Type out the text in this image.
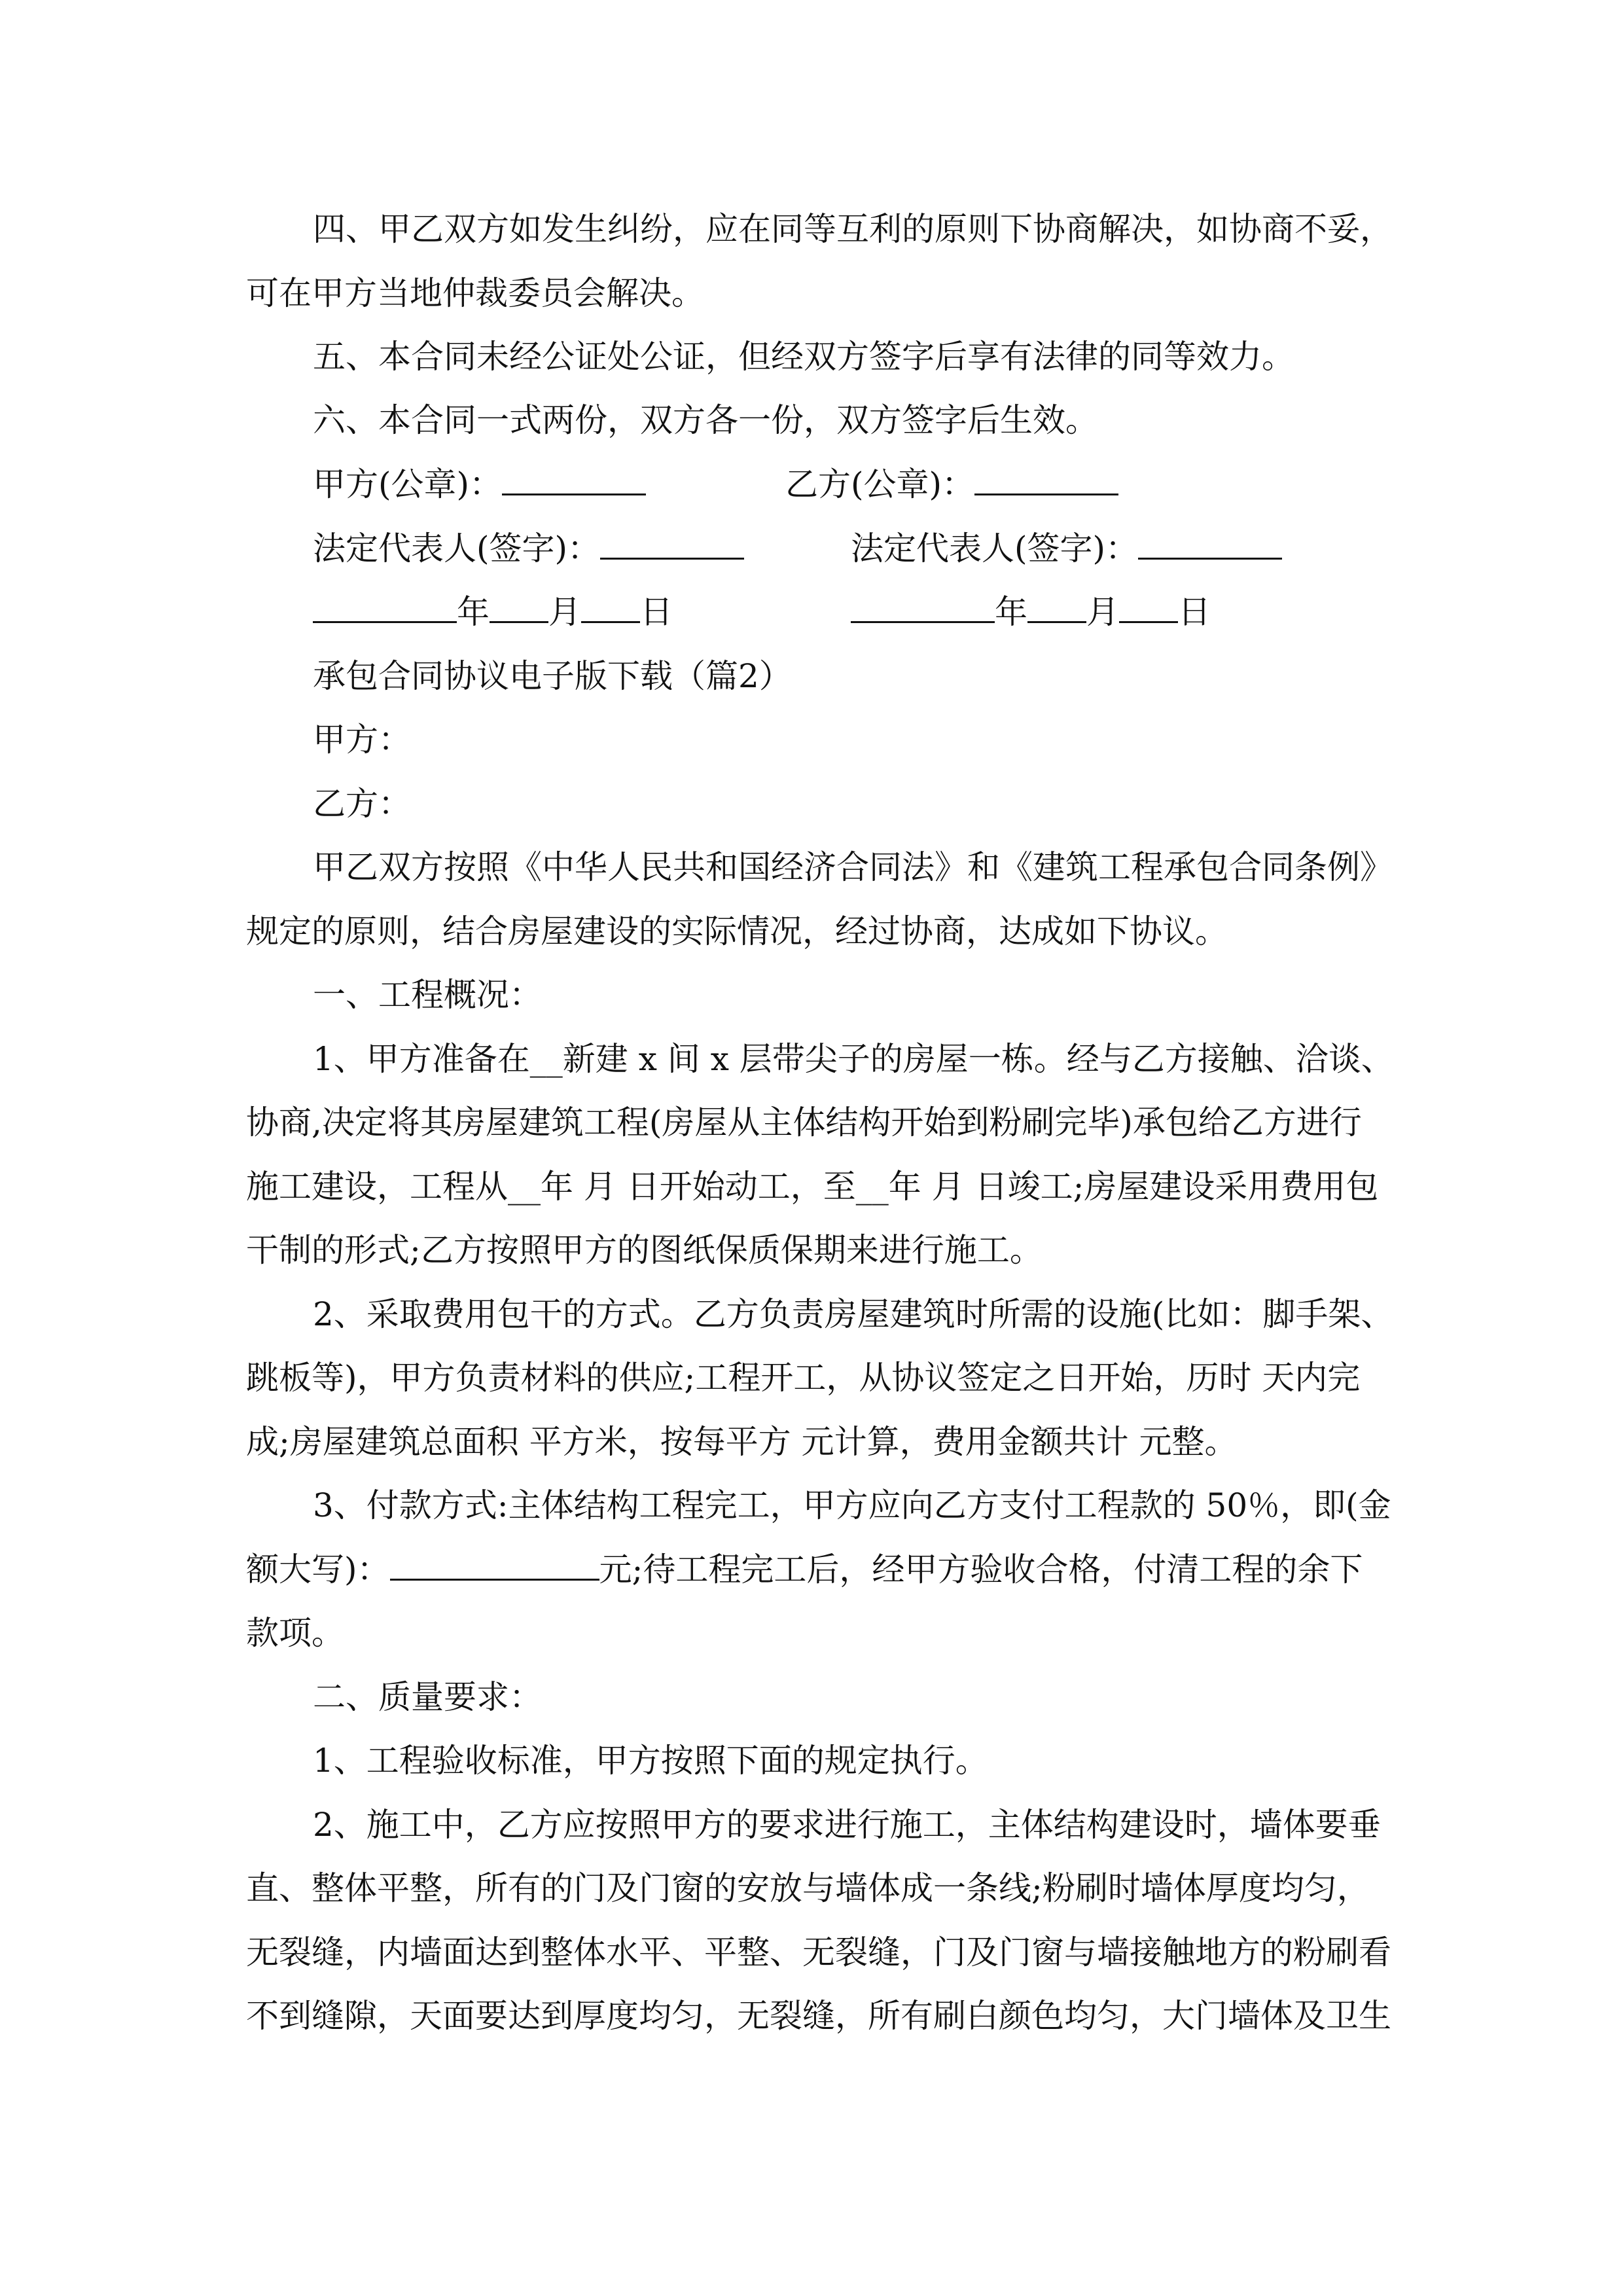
四、甲乙双方如发生纠纷，应在同等互利的原则下协商解决，如协商不妥，
可在甲方当地仲裁委员会解决。
五、本合同未经公证处公证，但经双方签字后享有法律的同等效力。
六、本合同一式两份，双方各一份，双方签字后生效。
甲方(公章)：	乙方(公章)：
法定代表人(签字)：	法定代表人(签字)：
年 月 日	年 月 日
承包合同协议电子版下载（篇2）
甲方：
乙方：
甲乙双方按照《中华人民共和国经济合同法》和《建筑工程承包合同条例》
规定的原则，结合房屋建设的实际情况，经过协商，达成如下协议。
一、工程概况：
1、甲方准备在__新建 x 间 x 层带尖子的房屋一栋。经与乙方接触、洽谈、
协商,决定将其房屋建筑工程(房屋从主体结构开始到粉刷完毕)承包给乙方进行
施工建设，工程从__年 月 日开始动工，至__年 月 日竣工;房屋建设采用费用包
干制的形式;乙方按照甲方的图纸保质保期来进行施工。
2、采取费用包干的方式。乙方负责房屋建筑时所需的设施(比如：脚手架、
跳板等)，甲方负责材料的供应;工程开工，从协议签定之日开始，历时 天内完
成;房屋建筑总面积 平方米，按每平方 元计算，费用金额共计 元整。
3、付款方式:主体结构工程完工，甲方应向乙方支付工程款的 50％，即(金
额大写)：	元;待工程完工后，经甲方验收合格，付清工程的余下
款项。
二、质量要求：
1、工程验收标准，甲方按照下面的规定执行。
2、施工中，乙方应按照甲方的要求进行施工，主体结构建设时，墙体要垂
直、整体平整，所有的门及门窗的安放与墙体成一条线;粉刷时墙体厚度均匀，
无裂缝，内墙面达到整体水平、平整、无裂缝，门及门窗与墙接触地方的粉刷看
不到缝隙，天面要达到厚度均匀，无裂缝，所有刷白颜色均匀，大门墙体及卫生
